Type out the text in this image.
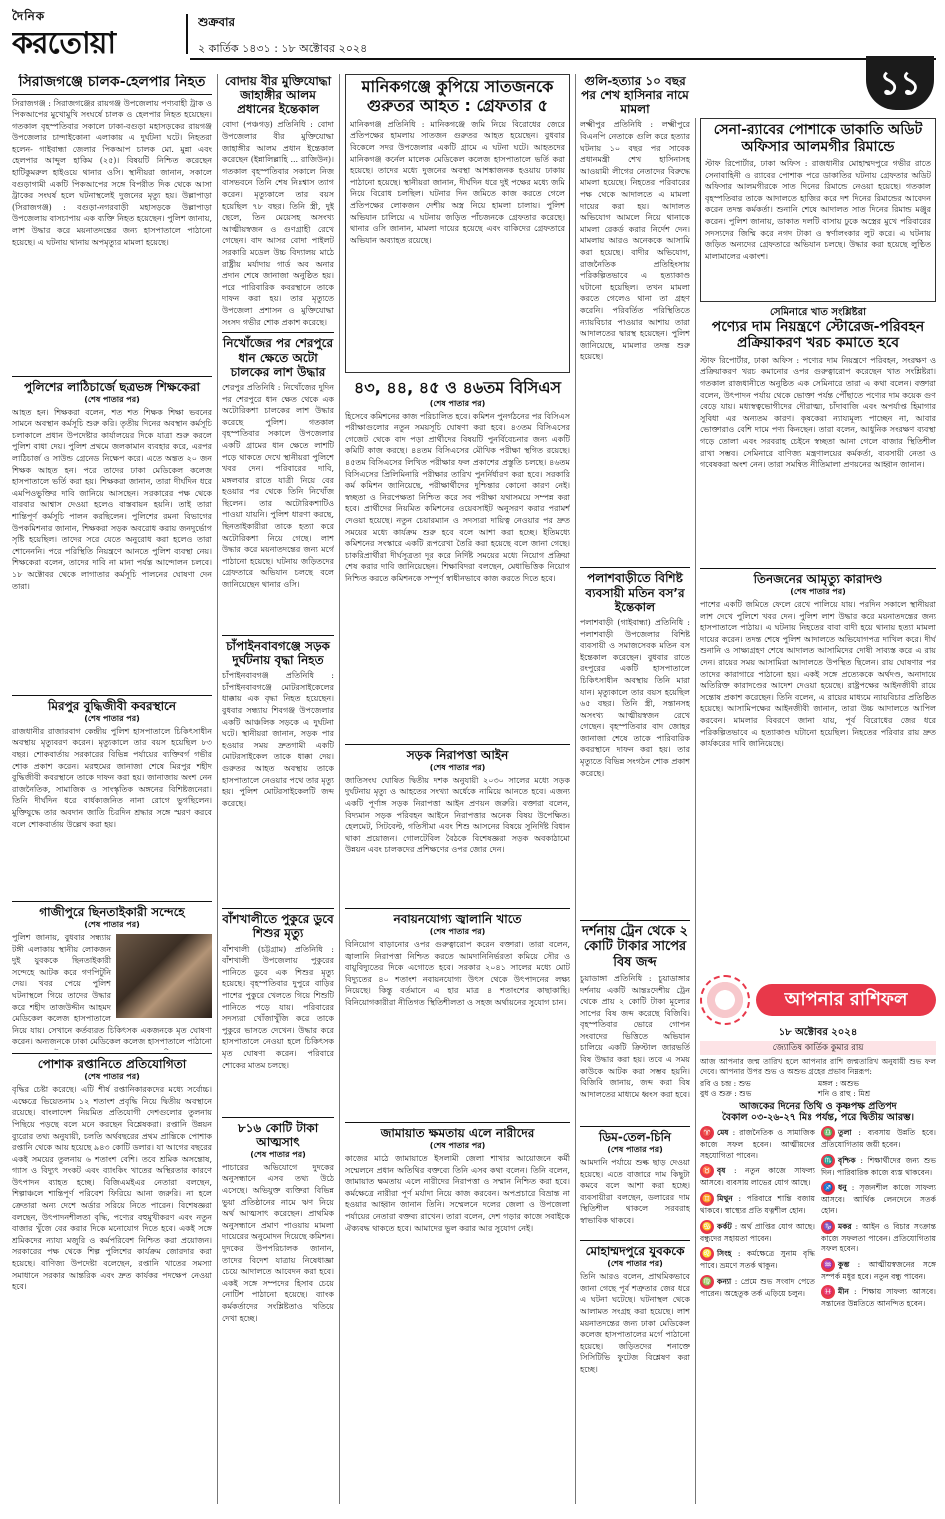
দৈনিক
করতোয়া
শুক্রবার
২ কার্তিক ১৪৩১ : ১৮ অক্টোবর ২০২৪
১১
সিরাজগঞ্জে চালক-হেলপার নিহত
সিরাজগঞ্জ : সিরাজগঞ্জের রায়গঞ্জ উপজেলায় পণ্যবাহী ট্রাক ও পিকআপের মুখোমুখি সংঘর্ষে চালক ও হেলপার নিহত হয়েছেন। গতকাল বৃহস্পতিবার সকালে ঢাকা-বগুড়া মহাসড়কের রায়গঞ্জ উপজেলার চান্দাইকোনা এলাকায় এ দুর্ঘটনা ঘটে। নিহতরা হলেন- গাইবান্ধা জেলার পিকআপ চালক মো. মুন্না এবং হেলপার আব্দুল হাকিম (২৫)। বিষয়টি নিশ্চিত করেছেন হাটিকুমরুল হাইওয়ে থানার ওসি। স্থানীয়রা জানান, সকালে বগুড়াগামী একটি পিকআপের সঙ্গে বিপরীত দিক থেকে আসা ট্রাকের সংঘর্ষ হলে ঘটনাস্থলেই দুজনের মৃত্যু হয়। উল্লাপাড়া (সিরাজগঞ্জ) : বগুড়া-নগরবাড়ী মহাসড়কে উল্লাপাড়া উপজেলায় বাসচাপায় এক ব্যক্তি নিহত হয়েছেন। পুলিশ জানায়, লাশ উদ্ধার করে ময়নাতদন্তের জন্য হাসপাতালে পাঠানো হয়েছে। এ ঘটনায় থানায় অপমৃত্যুর মামলা হয়েছে।
পুলিশের লাঠিচার্জে ছত্রভঙ্গ শিক্ষকেরা
(শেষ পাতার পর)
আহত হন। শিক্ষকরা বলেন, শত শত শিক্ষক শিক্ষা ভবনের সামনে অবস্থান কর্মসূচি শুরু করি। তৃতীয় দিনের অবস্থান কর্মসূচি চলাকালে প্রধান উপদেষ্টার কার্যালয়ের দিকে যাত্রা শুরু করলে পুলিশ বাধা দেয়। পুলিশ প্রথমে জলকামান ব্যবহার করে, এরপর লাঠিচার্জ ও সাউন্ড গ্রেনেড নিক্ষেপ করে। এতে অন্তত ২০ জন শিক্ষক আহত হন। পরে তাদের ঢাকা মেডিকেল কলেজ হাসপাতালে ভর্তি করা হয়। শিক্ষকরা জানান, তারা দীর্ঘদিন ধরে এমপিওভুক্তির দাবি জানিয়ে আসছেন। সরকারের পক্ষ থেকে বারবার আশ্বাস দেওয়া হলেও বাস্তবায়ন হয়নি। তাই তারা শান্তিপূর্ণ কর্মসূচি পালন করছিলেন। পুলিশের রমনা বিভাগের উপকমিশনার জানান, শিক্ষকরা সড়ক অবরোধ করায় জনদুর্ভোগ সৃষ্টি হয়েছিল। তাদের সরে যেতে অনুরোধ করা হলেও তারা শোনেননি। পরে পরিস্থিতি নিয়ন্ত্রণে আনতে পুলিশ ব্যবস্থা নেয়। শিক্ষকেরা বলেন, তাদের দাবি না মানা পর্যন্ত আন্দোলন চলবে। ১৮ অক্টোবর থেকে লাগাতার কর্মসূচি পালনের ঘোষণা দেন তারা।
মিরপুর বুদ্ধিজীবী কবরস্থানে
(শেষ পাতার পর)
রাজধানীর রাজারবাগ কেন্দ্রীয় পুলিশ হাসপাতালে চিকিৎসাধীন অবস্থায় মৃত্যুবরণ করেন। মৃত্যুকালে তার বয়স হয়েছিল ৮৩ বছর। শোকবার্তায় সরকারের বিভিন্ন পর্যায়ের ব্যক্তিবর্গ গভীর শোক প্রকাশ করেন। মরহুমের জানাজা শেষে মিরপুর শহীদ বুদ্ধিজীবী কবরস্থানে তাকে দাফন করা হয়। জানাজায় অংশ নেন রাজনৈতিক, সামাজিক ও সাংস্কৃতিক অঙ্গনের বিশিষ্টজনেরা। তিনি দীর্ঘদিন ধরে বার্ধক্যজনিত নানা রোগে ভুগছিলেন। মুক্তিযুদ্ধে তার অবদান জাতি চিরদিন শ্রদ্ধার সঙ্গে স্মরণ করবে বলে শোকবার্তায় উল্লেখ করা হয়।
গাজীপুরে ছিনতাইকারী সন্দেহে
(শেষ পাতার পর)
পুলিশ জানায়, বুধবার সন্ধ্যায় টঙ্গী এলাকায় স্থানীয় লোকজন দুই যুবককে ছিনতাইকারী সন্দেহে আটক করে গণপিটুনি দেয়। খবর পেয়ে পুলিশ ঘটনাস্থলে গিয়ে তাদের উদ্ধার করে শহীদ তাজউদ্দীন আহমদ মেডিকেল কলেজ হাসপাতালে নিয়ে যায়। সেখানে কর্তব্যরত চিকিৎসক একজনকে মৃত ঘোষণা করেন। অন্যজনকে ঢাকা মেডিকেল কলেজ হাসপাতালে পাঠানো
পোশাক রপ্তানিতে প্রতিযোগিতা
(শেষ পাতার পর)
বৃদ্ধির চেষ্টা করেছে। এটি শীর্ষ রপ্তানিকারকদের মধ্যে সর্বোচ্চ। এক্ষেত্রে ভিয়েতনাম ১২ শতাংশ প্রবৃদ্ধি নিয়ে দ্বিতীয় অবস্থানে রয়েছে। বাংলাদেশ নিয়মিত প্রতিযোগী দেশগুলোর তুলনায় পিছিয়ে পড়ছে বলে মনে করছেন বিশ্লেষকরা। রপ্তানি উন্নয়ন ব্যুরোর তথ্য অনুযায়ী, চলতি অর্থবছরের প্রথম প্রান্তিকে পোশাক রপ্তানি থেকে আয় হয়েছে ৯৪৩ কোটি ডলার। যা আগের বছরের একই সময়ের তুলনায় ৬ শতাংশ বেশি। তবে শ্রমিক অসন্তোষ, গ্যাস ও বিদ্যুৎ সংকট এবং ব্যাংকিং খাতের অস্থিরতার কারণে উৎপাদন ব্যাহত হচ্ছে। বিজিএমইএর নেতারা বলছেন, শিল্পাঞ্চলে শান্তিপূর্ণ পরিবেশ ফিরিয়ে আনা জরুরি। না হলে ক্রেতারা অন্য দেশে অর্ডার সরিয়ে নিতে পারেন। বিশেষজ্ঞরা বলছেন, উৎপাদনশীলতা বৃদ্ধি, পণ্যের বহুমুখীকরণ এবং নতুন বাজার খুঁজে বের করার দিকে মনোযোগ দিতে হবে। একই সঙ্গে শ্রমিকদের ন্যায্য মজুরি ও কর্মপরিবেশ নিশ্চিত করা প্রয়োজন। সরকারের পক্ষ থেকে শিল্প পুলিশের কার্যক্রম জোরদার করা হয়েছে। বাণিজ্য উপদেষ্টা বলেছেন, রপ্তানি খাতের সমস্যা সমাধানে সরকার আন্তরিক এবং দ্রুত কার্যকর পদক্ষেপ নেওয়া হবে।
বোদায় বীর মুক্তিযোদ্ধা জাহাঙ্গীর আলম প্রধানের ইন্তেকাল
বোদা (পঞ্চগড়) প্রতিনিধি : বোদা উপজেলার বীর মুক্তিযোদ্ধা জাহাঙ্গীর আলম প্রধান ইন্তেকাল করেছেন (ইন্নালিল্লাহি ... রাজিউন)। গতকাল বৃহস্পতিবার সকালে নিজ বাসভবনে তিনি শেষ নিঃশ্বাস ত্যাগ করেন। মৃত্যুকালে তার বয়স হয়েছিল ৭৮ বছর। তিনি স্ত্রী, দুই ছেলে, তিন মেয়েসহ অসংখ্য আত্মীয়স্বজন ও গুণগ্রাহী রেখে গেছেন। বাদ আসর বোদা পাইলট সরকারি মডেল উচ্চ বিদ্যালয় মাঠে রাষ্ট্রীয় মর্যাদায় গার্ড অব অনার প্রদান শেষে জানাজা অনুষ্ঠিত হয়। পরে পারিবারিক কবরস্থানে তাকে দাফন করা হয়। তার মৃত্যুতে উপজেলা প্রশাসন ও মুক্তিযোদ্ধা সংসদ গভীর শোক প্রকাশ করেছে।
নিখোঁজের পর শেরপুরে ধান ক্ষেতে অটো চালকের লাশ উদ্ধার
শেরপুর প্রতিনিধি : নিখোঁজের দুদিন পর শেরপুরে ধান ক্ষেত থেকে এক অটোরিকশা চালকের লাশ উদ্ধার করেছে পুলিশ। গতকাল বৃহস্পতিবার সকালে উপজেলার একটি গ্রামের ধান ক্ষেতে লাশটি পড়ে থাকতে দেখে স্থানীয়রা পুলিশে খবর দেন। পরিবারের দাবি, মঙ্গলবার রাতে যাত্রী নিয়ে বের হওয়ার পর থেকে তিনি নিখোঁজ ছিলেন। তার অটোরিকশাটিও পাওয়া যায়নি। পুলিশ ধারণা করছে, ছিনতাইকারীরা তাকে হত্যা করে অটোরিকশা নিয়ে গেছে। লাশ উদ্ধার করে ময়নাতদন্তের জন্য মর্গে পাঠানো হয়েছে। ঘটনায় জড়িতদের গ্রেফতারে অভিযান চলছে বলে জানিয়েছেন থানার ওসি।
চাঁপাইনবাবগঞ্জে সড়ক দুর্ঘটনায় বৃদ্ধা নিহত
চাঁপাইনবাবগঞ্জ প্রতিনিধি : চাঁপাইনবাবগঞ্জে মোটরসাইকেলের ধাক্কায় এক বৃদ্ধা নিহত হয়েছেন। বুধবার সন্ধ্যায় শিবগঞ্জ উপজেলার একটি আঞ্চলিক সড়কে এ দুর্ঘটনা ঘটে। স্থানীয়রা জানান, সড়ক পার হওয়ার সময় দ্রুতগামী একটি মোটরসাইকেল তাকে ধাক্কা দেয়। গুরুতর আহত অবস্থায় তাকে হাসপাতালে নেওয়ার পথে তার মৃত্যু হয়। পুলিশ মোটরসাইকেলটি জব্দ করেছে।
বাঁশখালীতে পুকুরে ডুবে শিশুর মৃত্যু
বাঁশখালী (চট্টগ্রাম) প্রতিনিধি : বাঁশখালী উপজেলায় পুকুরের পানিতে ডুবে এক শিশুর মৃত্যু হয়েছে। বৃহস্পতিবার দুপুরে বাড়ির পাশের পুকুরে খেলতে গিয়ে শিশুটি পানিতে পড়ে যায়। পরিবারের সদস্যরা খোঁজাখুঁজি করে তাকে পুকুরে ভাসতে দেখেন। উদ্ধার করে হাসপাতালে নেওয়া হলে চিকিৎসক মৃত ঘোষণা করেন। পরিবারে শোকের মাতম চলছে।
৮১৬ কোটি টাকা আত্মসাৎ
(শেষ পাতার পর)
পাচারের অভিযোগে দুদকের অনুসন্ধানে এসব তথ্য উঠে এসেছে। অভিযুক্ত ব্যক্তিরা বিভিন্ন ভুয়া প্রতিষ্ঠানের নামে ঋণ নিয়ে অর্থ আত্মসাৎ করেছেন। প্রাথমিক অনুসন্ধানে প্রমাণ পাওয়ায় মামলা দায়েরের অনুমোদন দিয়েছে কমিশন। দুদকের উপপরিচালক জানান, তাদের বিদেশ যাত্রায় নিষেধাজ্ঞা চেয়ে আদালতে আবেদন করা হবে। একই সঙ্গে সম্পদের হিসাব চেয়ে নোটিশ পাঠানো হয়েছে। ব্যাংক কর্মকর্তাদের সংশ্লিষ্টতাও খতিয়ে দেখা হচ্ছে।
মানিকগঞ্জে কুপিয়ে সাতজনকে গুরুতর আহত : গ্রেফতার ৫
মানিকগঞ্জ প্রতিনিধি : মানিকগঞ্জে জমি নিয়ে বিরোধের জেরে প্রতিপক্ষের হামলায় সাতজন গুরুতর আহত হয়েছেন। বুধবার বিকেলে সদর উপজেলার একটি গ্রামে এ ঘটনা ঘটে। আহতদের মানিকগঞ্জ কর্নেল মালেক মেডিকেল কলেজ হাসপাতালে ভর্তি করা হয়েছে। তাদের মধ্যে দুজনের অবস্থা আশঙ্কাজনক হওয়ায় ঢাকায় পাঠানো হয়েছে। স্থানীয়রা জানান, দীর্ঘদিন ধরে দুই পক্ষের মধ্যে জমি নিয়ে বিরোধ চলছিল। ঘটনার দিন জমিতে কাজ করতে গেলে প্রতিপক্ষের লোকজন দেশীয় অস্ত্র নিয়ে হামলা চালায়। পুলিশ অভিযান চালিয়ে এ ঘটনায় জড়িত পাঁচজনকে গ্রেফতার করেছে। থানার ওসি জানান, মামলা দায়ের হয়েছে এবং বাকিদের গ্রেফতারে অভিযান অব্যাহত রয়েছে।
৪৩, ৪৪, ৪৫ ও ৪৬তম বিসিএস
(শেষ পাতার পর)
হিসেবে কমিশনের কাজ পরিচালিত হবে। কমিশন পুনর্গঠনের পর বিসিএস পরীক্ষাগুলোর নতুন সময়সূচি ঘোষণা করা হবে। ৪৩তম বিসিএসের গেজেট থেকে বাদ পড়া প্রার্থীদের বিষয়টি পুনর্বিবেচনার জন্য একটি কমিটি কাজ করছে। ৪৪তম বিসিএসের মৌখিক পরীক্ষা স্থগিত রয়েছে। ৪৫তম বিসিএসের লিখিত পরীক্ষার ফল প্রকাশের প্রস্তুতি চলছে। ৪৬তম বিসিএসের প্রিলিমিনারি পরীক্ষার তারিখ পুনর্নির্ধারণ করা হবে। সরকারি কর্ম কমিশন জানিয়েছে, পরীক্ষার্থীদের দুশ্চিন্তার কোনো কারণ নেই। স্বচ্ছতা ও নিরপেক্ষতা নিশ্চিত করে সব পরীক্ষা যথাসময়ে সম্পন্ন করা হবে। প্রার্থীদের নিয়মিত কমিশনের ওয়েবসাইট অনুসরণ করার পরামর্শ দেওয়া হয়েছে। নতুন চেয়ারম্যান ও সদস্যরা দায়িত্ব নেওয়ার পর দ্রুত সময়ের মধ্যে কার্যক্রম শুরু হবে বলে আশা করা হচ্ছে। ইতিমধ্যে কমিশনের সংস্কারে একটি রূপরেখা তৈরি করা হয়েছে বলে জানা গেছে। চাকরিপ্রার্থীরা দীর্ঘসূত্রতা দূর করে নির্দিষ্ট সময়ের মধ্যে নিয়োগ প্রক্রিয়া শেষ করার দাবি জানিয়েছেন। শিক্ষাবিদরা বলছেন, মেধাভিত্তিক নিয়োগ নিশ্চিত করতে কমিশনকে সম্পূর্ণ স্বাধীনভাবে কাজ করতে দিতে হবে।
সড়ক নিরাপত্তা আইন
(শেষ পাতার পর)
জাতিসংঘ ঘোষিত দ্বিতীয় দশক অনুযায়ী ২০৩০ সালের মধ্যে সড়ক দুর্ঘটনায় মৃত্যু ও আহতের সংখ্যা অর্ধেকে নামিয়ে আনতে হবে। এজন্য একটি পূর্ণাঙ্গ সড়ক নিরাপত্তা আইন প্রণয়ন জরুরি। বক্তারা বলেন, বিদ্যমান সড়ক পরিবহন আইনে নিরাপত্তার অনেক বিষয় উপেক্ষিত। হেলমেট, সিটবেল্ট, গতিসীমা এবং শিশু আসনের বিষয়ে সুনির্দিষ্ট বিধান থাকা প্রয়োজন। গোলটেবিল বৈঠকে বিশেষজ্ঞরা সড়ক অবকাঠামো উন্নয়ন এবং চালকদের প্রশিক্ষণের ওপর জোর দেন।
নবায়নযোগ্য জ্বালানি খাতে
(শেষ পাতার পর)
বিনিয়োগ বাড়ানোর ওপর গুরুত্বারোপ করেন বক্তারা। তারা বলেন, জ্বালানি নিরাপত্তা নিশ্চিত করতে আমদানিনির্ভরতা কমিয়ে সৌর ও বায়ুবিদ্যুতের দিকে এগোতে হবে। সরকার ২০৪১ সালের মধ্যে মোট বিদ্যুতের ৪০ শতাংশ নবায়নযোগ্য উৎস থেকে উৎপাদনের লক্ষ্য নিয়েছে। কিন্তু বর্তমানে এ হার মাত্র ৪ শতাংশের কাছাকাছি। বিনিয়োগকারীরা নীতিগত স্থিতিশীলতা ও সহজ অর্থায়নের সুযোগ চান।
জামায়াত ক্ষমতায় এলে নারীদের
(শেষ পাতার পর)
কাজের মাঠে জামায়াতে ইসলামী জেলা শাখার আয়োজনে কর্মী সম্মেলনে প্রধান অতিথির বক্তব্যে তিনি এসব কথা বলেন। তিনি বলেন, জামায়াত ক্ষমতায় এলে নারীদের নিরাপত্তা ও সম্মান নিশ্চিত করা হবে। কর্মক্ষেত্রে নারীরা পূর্ণ মর্যাদা নিয়ে কাজ করবেন। অপপ্রচারে বিভ্রান্ত না হওয়ার আহ্বান জানান তিনি। সম্মেলনে দলের জেলা ও উপজেলা পর্যায়ের নেতারা বক্তব্য রাখেন। তারা বলেন, দেশ গড়ার কাজে সবাইকে ঐক্যবদ্ধ থাকতে হবে। আমাদের ভুল করার আর সুযোগ নেই।
গুলি-হত্যার ১০ বছর পর শেখ হাসিনার নামে মামলা
লক্ষ্মীপুর প্রতিনিধি : লক্ষ্মীপুরে বিএনপি নেতাকে গুলি করে হত্যার ঘটনায় ১০ বছর পর সাবেক প্রধানমন্ত্রী শেখ হাসিনাসহ আওয়ামী লীগের নেতাদের বিরুদ্ধে মামলা হয়েছে। নিহতের পরিবারের পক্ষ থেকে আদালতে এ মামলা দায়ের করা হয়। আদালত অভিযোগ আমলে নিয়ে থানাকে মামলা রেকর্ড করার নির্দেশ দেন। মামলায় আরও অনেককে আসামি করা হয়েছে। বাদীর অভিযোগ, রাজনৈতিক প্রতিহিংসায় পরিকল্পিতভাবে এ হত্যাকাণ্ড ঘটানো হয়েছিল। তখন মামলা করতে গেলেও থানা তা গ্রহণ করেনি। পরিবর্তিত পরিস্থিতিতে ন্যায়বিচার পাওয়ার আশায় তারা আদালতের দ্বারস্থ হয়েছেন। পুলিশ জানিয়েছে, মামলার তদন্ত শুরু হয়েছে।
পলাশবাড়ীতে বিশিষ্ট ব্যবসায়ী মতিন বস’র ইন্তেকাল
পলাশবাড়ী (গাইবান্ধা) প্রতিনিধি : পলাশবাড়ী উপজেলার বিশিষ্ট ব্যবসায়ী ও সমাজসেবক মতিন বস ইন্তেকাল করেছেন। বুধবার রাতে রংপুরের একটি হাসপাতালে চিকিৎসাধীন অবস্থায় তিনি মারা যান। মৃত্যুকালে তার বয়স হয়েছিল ৬৫ বছর। তিনি স্ত্রী, সন্তানসহ অসংখ্য আত্মীয়স্বজন রেখে গেছেন। বৃহস্পতিবার বাদ জোহর জানাজা শেষে তাকে পারিবারিক কবরস্থানে দাফন করা হয়। তার মৃত্যুতে বিভিন্ন সংগঠন শোক প্রকাশ করেছে।
দর্শনায় ট্রেন থেকে ২ কোটি টাকার সাপের বিষ জব্দ
চুয়াডাঙ্গা প্রতিনিধি : চুয়াডাঙ্গার দর্শনায় একটি আন্তঃদেশীয় ট্রেন থেকে প্রায় ২ কোটি টাকা মূল্যের সাপের বিষ জব্দ করেছে বিজিবি। বৃহস্পতিবার ভোরে গোপন সংবাদের ভিত্তিতে অভিযান চালিয়ে একটি ক্রিস্টাল জারভর্তি বিষ উদ্ধার করা হয়। তবে এ সময় কাউকে আটক করা সম্ভব হয়নি। বিজিবি জানায়, জব্দ করা বিষ আদালতের মাধ্যমে ধ্বংস করা হবে।
ডিম-তেল-চিনি
(শেষ পাতার পর)
আমদানি পর্যায়ে শুল্ক ছাড় দেওয়া হয়েছে। এতে বাজারে দাম কিছুটা কমবে বলে আশা করা হচ্ছে। ব্যবসায়ীরা বলছেন, ডলারের দাম স্থিতিশীল থাকলে সরবরাহ স্বাভাবিক থাকবে।
মোহাম্মদপুরে যুবককে
(শেষ পাতার পর)
তিনি আরও বলেন, প্রাথমিকভাবে জানা গেছে পূর্ব শত্রুতার জের ধরে এ ঘটনা ঘটেছে। ঘটনাস্থল থেকে আলামত সংগ্রহ করা হয়েছে। লাশ ময়নাতদন্তের জন্য ঢাকা মেডিকেল কলেজ হাসপাতালের মর্গে পাঠানো হয়েছে। জড়িতদের শনাক্তে সিসিটিভি ফুটেজ বিশ্লেষণ করা হচ্ছে।
সেনা-র‌্যাবের পোশাকে ডাকাতি অডিট অফিসার আলমগীর রিমান্ডে
স্টাফ রিপোর্টার, ঢাকা অফিস : রাজধানীর মোহাম্মদপুরে গভীর রাতে সেনাবাহিনী ও র‌্যাবের পোশাক পরে ডাকাতির ঘটনায় গ্রেফতার অডিট অফিসার আলমগীরকে সাত দিনের রিমান্ডে নেওয়া হয়েছে। গতকাল বৃহস্পতিবার তাকে আদালতে হাজির করে দশ দিনের রিমান্ডের আবেদন করেন তদন্ত কর্মকর্তা। শুনানি শেষে আদালত সাত দিনের রিমান্ড মঞ্জুর করেন। পুলিশ জানায়, ডাকাত দলটি বাসায় ঢুকে অস্ত্রের মুখে পরিবারের সদস্যদের জিম্মি করে নগদ টাকা ও স্বর্ণালংকার লুট করে। এ ঘটনায় জড়িত অন্যদের গ্রেফতারে অভিযান চলছে। উদ্ধার করা হয়েছে লুণ্ঠিত মালামালের একাংশ।
সেমিনারে খাত সংশ্লিষ্টরা
পণ্যের দাম নিয়ন্ত্রণে স্টোরেজ-পরিবহন প্রক্রিয়াকরণ খরচ কমাতে হবে
স্টাফ রিপোর্টার, ঢাকা অফিস : পণ্যের দাম নিয়ন্ত্রণে পরিবহন, সংরক্ষণ ও প্রক্রিয়াকরণ খরচ কমানোর ওপর গুরুত্বারোপ করেছেন খাত সংশ্লিষ্টরা। গতকাল রাজধানীতে অনুষ্ঠিত এক সেমিনারে তারা এ কথা বলেন। বক্তারা বলেন, উৎপাদন পর্যায় থেকে ভোক্তা পর্যন্ত পৌঁছাতে পণ্যের দাম কয়েক গুণ বেড়ে যায়। মধ্যস্বত্বভোগীদের দৌরাত্ম্য, চাঁদাবাজি এবং অপর্যাপ্ত হিমাগার সুবিধা এর অন্যতম কারণ। কৃষকেরা ন্যায্যমূল্য পাচ্ছেন না, আবার ভোক্তারাও বেশি দামে পণ্য কিনছেন। তারা বলেন, আধুনিক সংরক্ষণ ব্যবস্থা গড়ে তোলা এবং সরবরাহ চেইনে স্বচ্ছতা আনা গেলে বাজার স্থিতিশীল রাখা সম্ভব। সেমিনারে বাণিজ্য মন্ত্রণালয়ের কর্মকর্তা, ব্যবসায়ী নেতা ও গবেষকরা অংশ নেন। তারা সমন্বিত নীতিমালা প্রণয়নের আহ্বান জানান।
তিনজনের আমৃত্যু কারাদণ্ড
(শেষ পাতার পর)
পাশের একটি জমিতে ফেলে রেখে পালিয়ে যায়। পরদিন সকালে স্থানীয়রা লাশ দেখে পুলিশে খবর দেন। পুলিশ লাশ উদ্ধার করে ময়নাতদন্তের জন্য হাসপাতালে পাঠায়। এ ঘটনায় নিহতের বাবা বাদী হয়ে থানায় হত্যা মামলা দায়ের করেন। তদন্ত শেষে পুলিশ আদালতে অভিযোগপত্র দাখিল করে। দীর্ঘ শুনানি ও সাক্ষ্যগ্রহণ শেষে আদালত আসামিদের দোষী সাব্যস্ত করে এ রায় দেন। রায়ের সময় আসামিরা আদালতে উপস্থিত ছিলেন। রায় ঘোষণার পর তাদের কারাগারে পাঠানো হয়। একই সঙ্গে প্রত্যেককে অর্থদণ্ড, অনাদায়ে অতিরিক্ত কারাদণ্ডের আদেশ দেওয়া হয়েছে। রাষ্ট্রপক্ষের আইনজীবী রায়ে সন্তোষ প্রকাশ করেছেন। তিনি বলেন, এ রায়ের মাধ্যমে ন্যায়বিচার প্রতিষ্ঠিত হয়েছে। আসামিপক্ষের আইনজীবী জানান, তারা উচ্চ আদালতে আপিল করবেন। মামলার বিবরণে জানা যায়, পূর্ব বিরোধের জের ধরে পরিকল্পিতভাবে এ হত্যাকাণ্ড ঘটানো হয়েছিল। নিহতের পরিবার রায় দ্রুত কার্যকরের দাবি জানিয়েছে।
আপনার রাশিফল
১৮ অক্টোবর ২০২৪
জ্যোতিষ কার্তিক কুমার রায়
আজ আপনার জন্ম তারিখ হলে আপনার রাশি জন্মতারিখ অনুযায়ী শুভ ফল দেবে। আপনার উপর শুভ ও অশুভ গ্রহের প্রভাব নিম্নরূপ:
রবি ও চন্দ্র : শুভ	মঙ্গল : অশুভ
বুধ ও শুক্র : শুভ	শনি ও রাহু : মিশ্র
আজকের দিনের তিথি ও কৃষ্ণপক্ষ প্রতিপদ
বৈকাল ০৩-২৬-২৭ মিঃ পর্যন্ত, পরে দ্বিতীয় আরম্ভ।
♈ মেষ : রাজনৈতিক ও সামাজিক কাজে সফল হবেন। আত্মীয়দের সহযোগিতা পাবেন।
♉ বৃষ : নতুন কাজে সাফল্য আসবে। ব্যবসায় লাভের যোগ আছে।
♊ মিথুন : পরিবারে শান্তি বজায় থাকবে। স্বাস্থ্যের প্রতি যত্নশীল হোন।
♋ কর্কট : অর্থ প্রাপ্তির যোগ আছে। বন্ধুদের সহায়তা পাবেন।
♌ সিংহ : কর্মক্ষেত্রে সুনাম বৃদ্ধি পাবে। ভ্রমণে সতর্ক থাকুন।
♍ কন্যা : প্রেমে শুভ সংবাদ পেতে পারেন। অহেতুক তর্ক এড়িয়ে চলুন।
♎ তুলা : ব্যবসায় উন্নতি হবে। প্রতিযোগিতায় জয়ী হবেন।
♏ বৃশ্চিক : শিক্ষার্থীদের জন্য শুভ দিন। পারিবারিক কাজে ব্যস্ত থাকবেন।
♐ ধনু : সৃজনশীল কাজে সাফল্য আসবে। আর্থিক লেনদেনে সতর্ক হোন।
♑ মকর : আইন ও বিচার সংক্রান্ত কাজে সফলতা পাবেন। প্রতিযোগিতায় সফল হবেন।
♒ কুম্ভ : আত্মীয়স্বজনের সঙ্গে সম্পর্ক মধুর হবে। নতুন বন্ধু পাবেন।
♓ মীন : শিক্ষায় সাফল্য আসবে। সন্তানের উন্নতিতে আনন্দিত হবেন।
